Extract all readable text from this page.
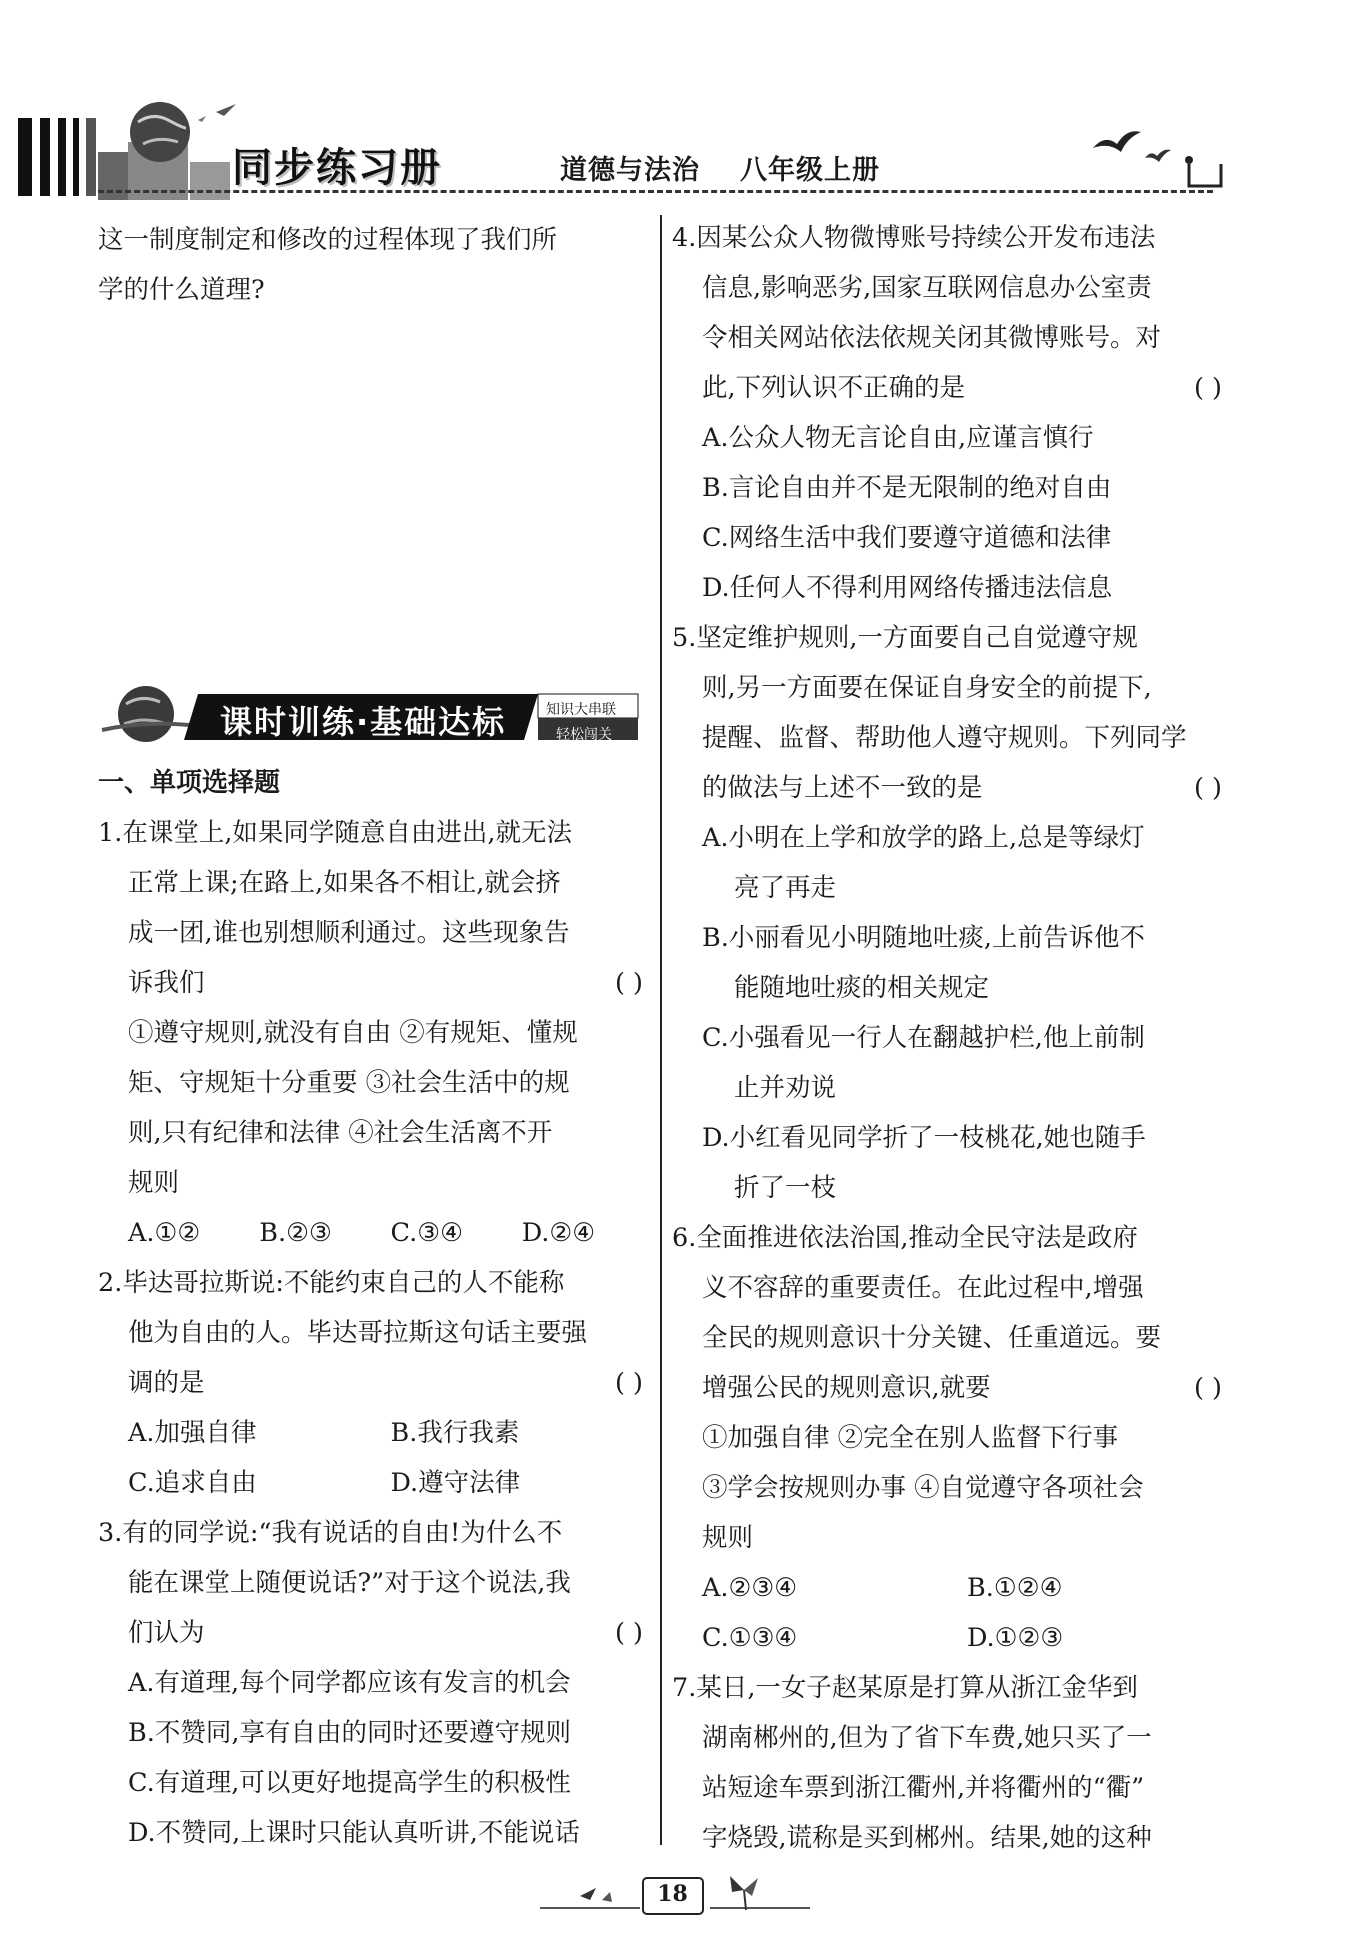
同步练习册	道德与法治 八年级上册

这一制度制定和修改的过程体现了我们所

学的什么道理?

课时训练·基础达标	知识大串联
轻松闯关
一、单项选择题

1.在课堂上,如果同学随意自由进出,就无法

正常上课;在路上,如果各不相让,就会挤

成一团,谁也别想顺利通过。这些现象告

诉我们	( )

①遵守规则,就没有自由 ②有规矩、懂规

矩、守规矩十分重要 ③社会生活中的规

则,只有纪律和法律 ④社会生活离不开

规则

A.①②	B.②③	C.③④	D.②④

2.毕达哥拉斯说:不能约束自己的人不能称

他为自由的人。毕达哥拉斯这句话主要强

调的是	( )

A.加强自律	B.我行我素

C.追求自由	D.遵守法律

3.有的同学说:“我有说话的自由!为什么不

能在课堂上随便说话?”对于这个说法,我

们认为	( )

A.有道理,每个同学都应该有发言的机会

B.不赞同,享有自由的同时还要遵守规则

C.有道理,可以更好地提高学生的积极性

D.不赞同,上课时只能认真听讲,不能说话

4.因某公众人物微博账号持续公开发布违法

信息,影响恶劣,国家互联网信息办公室责

令相关网站依法依规关闭其微博账号。对

此,下列认识不正确的是	( )

A.公众人物无言论自由,应谨言慎行

B.言论自由并不是无限制的绝对自由

C.网络生活中我们要遵守道德和法律

D.任何人不得利用网络传播违法信息

5.坚定维护规则,一方面要自己自觉遵守规

则,另一方面要在保证自身安全的前提下,

提醒、监督、帮助他人遵守规则。下列同学

的做法与上述不一致的是	( )

A.小明在上学和放学的路上,总是等绿灯

亮了再走

B.小丽看见小明随地吐痰,上前告诉他不

能随地吐痰的相关规定

C.小强看见一行人在翻越护栏,他上前制

止并劝说

D.小红看见同学折了一枝桃花,她也随手

折了一枝

6.全面推进依法治国,推动全民守法是政府

义不容辞的重要责任。在此过程中,增强

全民的规则意识十分关键、任重道远。要

增强公民的规则意识,就要	( )

①加强自律 ②完全在别人监督下行事

③学会按规则办事 ④自觉遵守各项社会

规则

A.②③④	B.①②④

C.①③④	D.①②③

7.某日,一女子赵某原是打算从浙江金华到

湖南郴州的,但为了省下车费,她只买了一

站短途车票到浙江衢州,并将衢州的“衢”

字烧毁,谎称是买到郴州。结果,她的这种

18
